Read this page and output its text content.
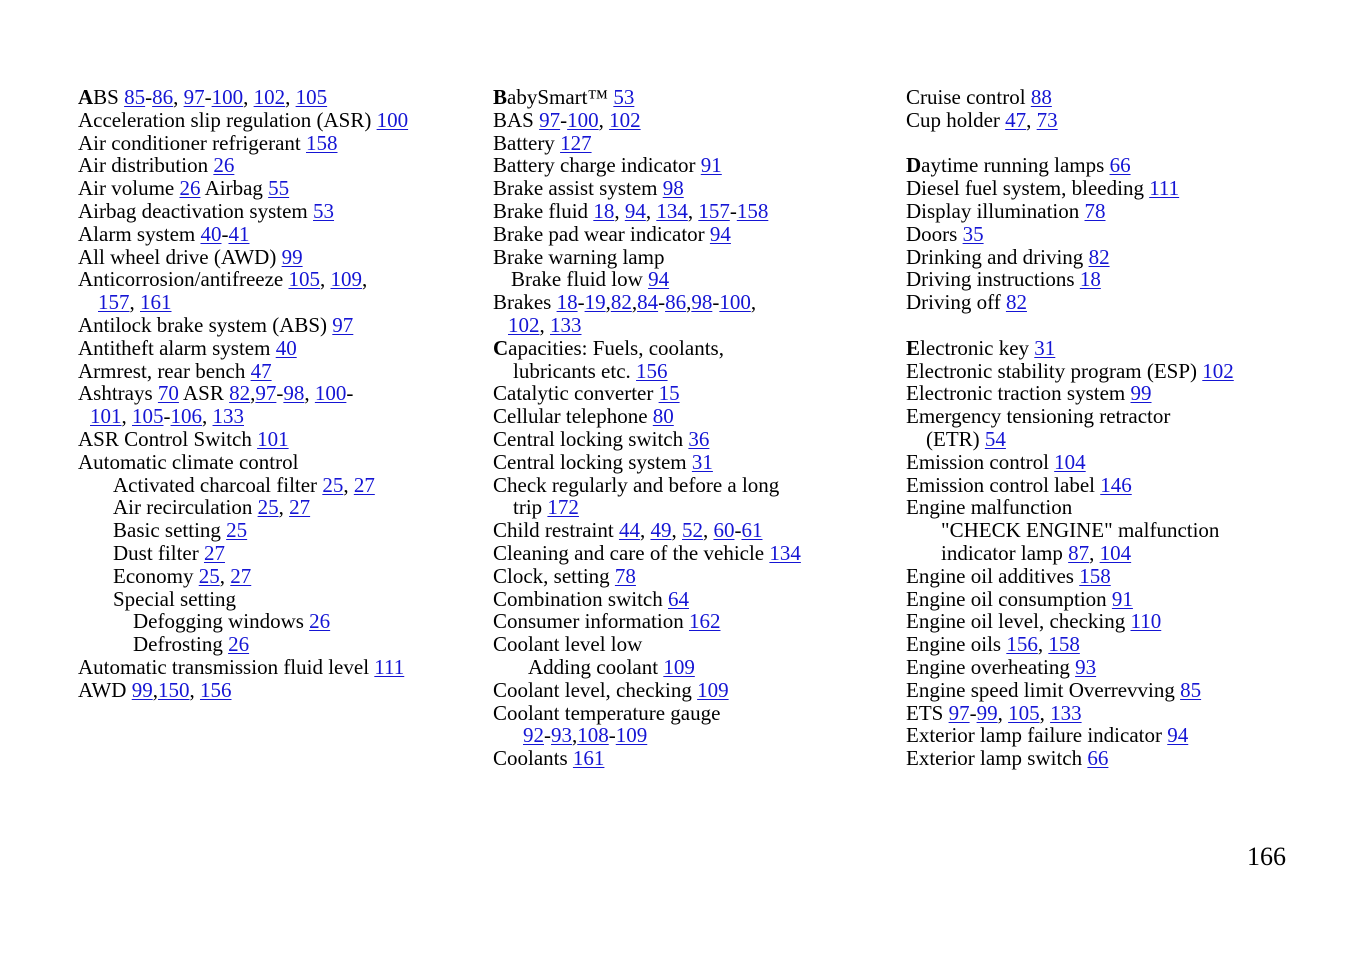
ABS 85-86, 97-100, 102, 105
Acceleration slip regulation (ASR) 100
Air conditioner refrigerant 158
Air distribution 26
Air volume 26 Airbag 55
Airbag deactivation system 53
Alarm system 40-41
All wheel drive (AWD) 99
Anticorrosion/antifreeze 105, 109,
157, 161
Antilock brake system (ABS) 97
Antitheft alarm system 40
Armrest, rear bench 47
Ashtrays 70 ASR 82,97-98, 100-
101, 105-106, 133
ASR Control Switch 101
Automatic climate control
Activated charcoal filter 25, 27
Air recirculation 25, 27
Basic setting 25
Dust filter 27
Economy 25, 27
Special setting
Defogging windows 26
Defrosting 26
Automatic transmission fluid level 111
AWD 99,150, 156
BabySmart™ 53
BAS 97-100, 102
Battery 127
Battery charge indicator 91
Brake assist system 98
Brake fluid 18, 94, 134, 157-158
Brake pad wear indicator 94
Brake warning lamp
Brake fluid low 94
Brakes 18-19,82,84-86,98-100,
102, 133
Capacities: Fuels, coolants,
lubricants etc. 156
Catalytic converter 15
Cellular telephone 80
Central locking switch 36
Central locking system 31
Check regularly and before a long
trip 172
Child restraint 44, 49, 52, 60-61
Cleaning and care of the vehicle 134
Clock, setting 78
Combination switch 64
Consumer information 162
Coolant level low
Adding coolant 109
Coolant level, checking 109
Coolant temperature gauge
92-93,108-109
Coolants 161
Cruise control 88
Cup holder 47, 73
Daytime running lamps 66
Diesel fuel system, bleeding 111
Display illumination 78
Doors 35
Drinking and driving 82
Driving instructions 18
Driving off 82
Electronic key 31
Electronic stability program (ESP) 102
Electronic traction system 99
Emergency tensioning retractor
(ETR) 54
Emission control 104
Emission control label 146
Engine malfunction
"CHECK ENGINE" malfunction
indicator lamp 87, 104
Engine oil additives 158
Engine oil consumption 91
Engine oil level, checking 110
Engine oils 156, 158
Engine overheating 93
Engine speed limit Overrevving 85
ETS 97-99, 105, 133
Exterior lamp failure indicator 94
Exterior lamp switch 66
166
